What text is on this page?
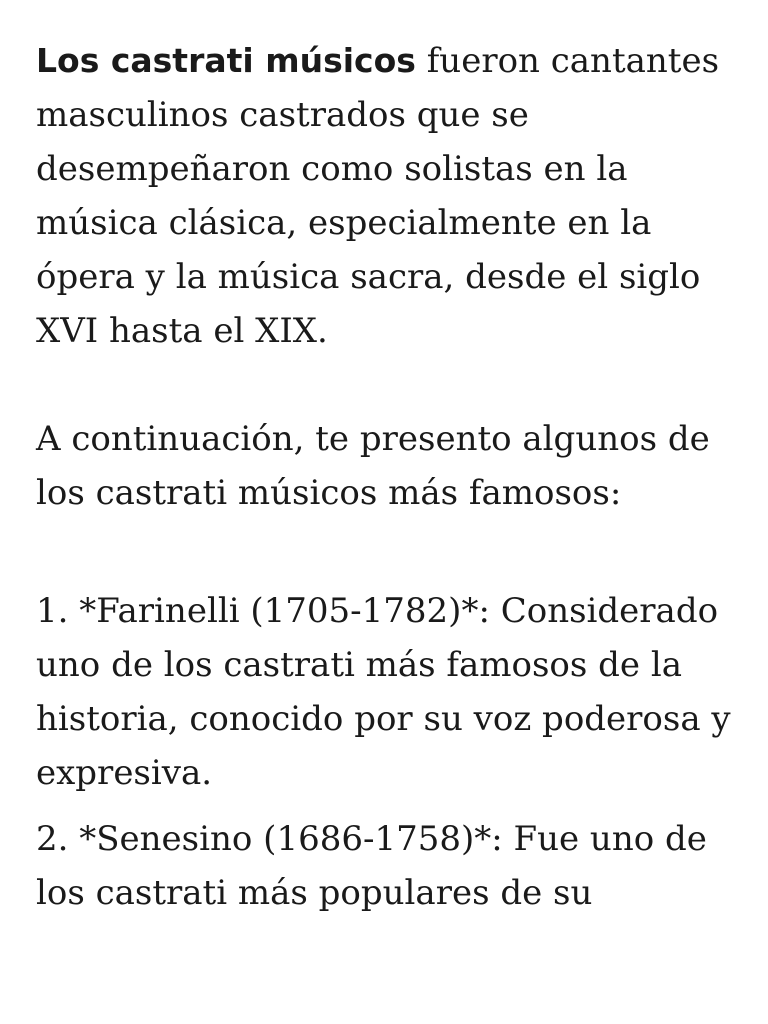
Los castrati músicos fueron cantantes masculinos castrados que se desempeñaron como solistas en la música clásica, especialmente en la ópera y la música sacra, desde el siglo XVI hasta el XIX.

A continuación, te presento algunos de los castrati músicos más famosos:

1. *Farinelli (1705-1782)*: Considerado uno de los castrati más famosos de la historia, conocido por su voz poderosa y expresiva.

2. *Senesino (1686-1758)*: Fue uno de los castrati más populares de su
